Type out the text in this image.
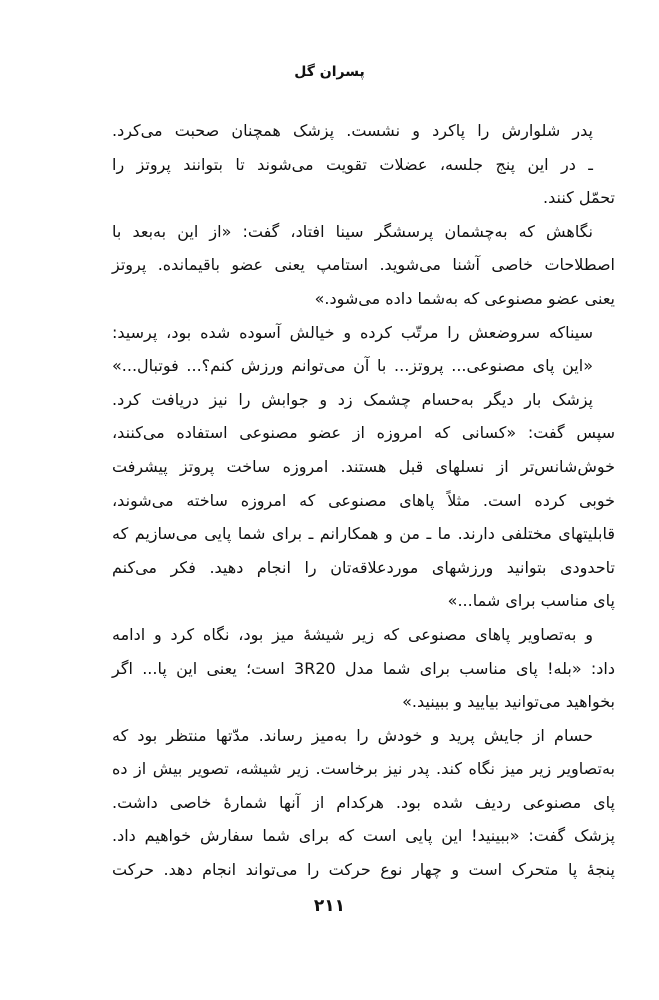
پسران گل
پدر شلوارش را پاکرد و نشست. پزشک همچنان صحبت می‌کرد.
ـ در این پنج جلسه، عضلات تقویت می‌شوند تا بتوانند پروتز را
تحمّل کنند.
نگاهش که به‌چشمان پرسشگر سینا افتاد، گفت: «از این به‌بعد با
اصطلاحات خاصی آشنا می‌شوید. استامپ یعنی عضو باقیمانده. پروتز
یعنی عضو مصنوعی که به‌شما داده می‌شود.»
سیناکه سروضعش را مرتّب کرده و خیالش آسوده شده بود، پرسید:
«این پای مصنوعی... پروتز... با آن می‌توانم ورزش کنم؟... فوتبال...»
پزشک بار دیگر به‌حسام چشمک زد و جوابش را نیز دریافت کرد.
سپس گفت: «کسانی که امروزه از عضو مصنوعی استفاده می‌کنند،
خوش‌شانس‌تر از نسلهای قبل هستند. امروزه ساخت پروتز پیشرفت
خوبی کرده است. مثلاً پاهای مصنوعی که امروزه ساخته می‌شوند،
قابلیتهای مختلفی دارند. ما ـ من و همکارانم ـ برای شما پایی می‌سازیم که
تاحدودی بتوانید ورزشهای موردعلاقه‌تان را انجام دهید. فکر می‌کنم
پای مناسب برای شما...»
و به‌تصاویر پاهای مصنوعی که زیر شیشهٔ میز بود، نگاه کرد و ادامه
داد: «بله! پای مناسب برای شما مدل 3R20 است؛ یعنی این پا... اگر
بخواهید می‌توانید بیایید و ببینید.»
حسام از جایش پرید و خودش را به‌میز رساند. مدّتها منتظر بود که
به‌تصاویر زیر میز نگاه کند. پدر نیز برخاست. زیر شیشه، تصویر بیش از ده
پای مصنوعی ردیف شده بود. هرکدام از آنها شمارهٔ خاصی داشت.
پزشک گفت: «ببینید! این پایی است که برای شما سفارش خواهیم داد.
پنجهٔ پا متحرک است و چهار نوع حرکت را می‌تواند انجام دهد. حرکت
۲۱۱
